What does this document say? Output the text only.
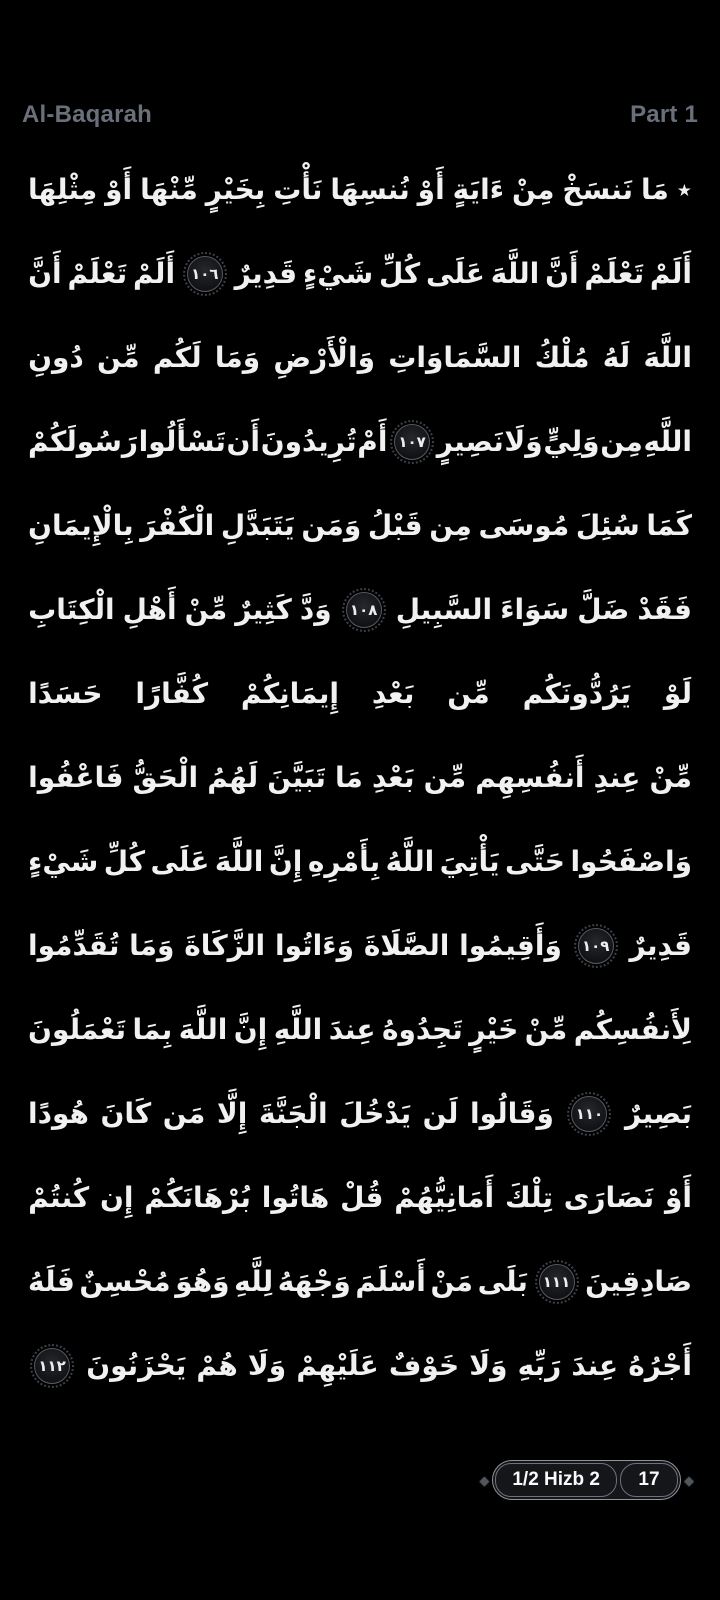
Al-Baqarah	Part 1
٭
مَا
نَنسَخْ
مِنْ
ءَايَةٍ
أَوْ
نُنسِهَا
نَأْتِ
بِخَيْرٍ
مِّنْهَا
أَوْ
مِثْلِهَا
أَلَمْ
تَعْلَمْ
أَنَّ
اللَّهَ
عَلَى
كُلِّ
شَيْءٍ
قَدِيرٌ
١٠٦
أَلَمْ
تَعْلَمْ
أَنَّ
اللَّهَ
لَهُ
مُلْكُ
السَّمَاوَاتِ
وَالْأَرْضِ
وَمَا
لَكُم
مِّن
دُونِ
اللَّهِ
مِن
وَلِيٍّ
وَلَا
نَصِيرٍ
١٠٧
أَمْ
تُرِيدُونَ
أَن
تَسْأَلُوا
رَسُولَكُمْ
كَمَا
سُئِلَ
مُوسَى
مِن
قَبْلُ
وَمَن
يَتَبَدَّلِ
الْكُفْرَ
بِالْإِيمَانِ
فَقَدْ
ضَلَّ
سَوَاءَ
السَّبِيلِ
١٠٨
وَدَّ
كَثِيرٌ
مِّنْ
أَهْلِ
الْكِتَابِ
لَوْ
يَرُدُّونَكُم
مِّن
بَعْدِ
إِيمَانِكُمْ
كُفَّارًا
حَسَدًا
مِّنْ
عِندِ
أَنفُسِهِم
مِّن
بَعْدِ
مَا
تَبَيَّنَ
لَهُمُ
الْحَقُّ
فَاعْفُوا
وَاصْفَحُوا
حَتَّى
يَأْتِيَ
اللَّهُ
بِأَمْرِهِ
إِنَّ
اللَّهَ
عَلَى
كُلِّ
شَيْءٍ
قَدِيرٌ
١٠٩
وَأَقِيمُوا
الصَّلَاةَ
وَءَاتُوا
الزَّكَاةَ
وَمَا
تُقَدِّمُوا
لِأَنفُسِكُم
مِّنْ
خَيْرٍ
تَجِدُوهُ
عِندَ
اللَّهِ
إِنَّ
اللَّهَ
بِمَا
تَعْمَلُونَ
بَصِيرٌ
١١٠
وَقَالُوا
لَن
يَدْخُلَ
الْجَنَّةَ
إِلَّا
مَن
كَانَ
هُودًا
أَوْ
نَصَارَى
تِلْكَ
أَمَانِيُّهُمْ
قُلْ
هَاتُوا
بُرْهَانَكُمْ
إِن
كُنتُمْ
صَادِقِينَ
١١١
بَلَى
مَنْ
أَسْلَمَ
وَجْهَهُ
لِلَّهِ
وَهُوَ
مُحْسِنٌ
فَلَهُ
أَجْرُهُ
عِندَ
رَبِّهِ
وَلَا
خَوْفٌ
عَلَيْهِمْ
وَلَا
هُمْ
يَحْزَنُونَ
١١٢
◆	1/2 Hizb 2	17	◆
